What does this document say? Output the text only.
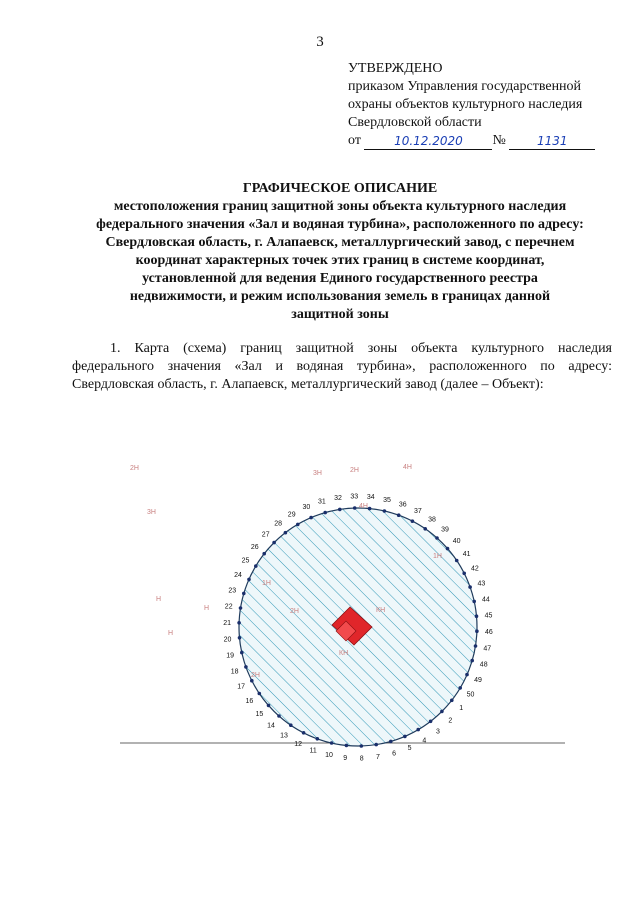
3
УТВЕРЖДЕНО
приказом Управления государственной
охраны объектов культурного наследия
Свердловской области
от
	10.12.2020	№
	1131
ГРАФИЧЕСКОЕ ОПИСАНИЕ
местоположения границ защитной зоны объекта культурного наследия
федерального значения «Зал и водяная турбина», расположенного по адресу:
Свердловская область, г. Алапаевск, металлургический завод, с перечнем
координат характерных точек этих границ в системе координат,
установленной для ведения Единого государственного реестра
недвижимости, и режим использования земель в границах данной
защитной зоны
1. Карта (схема) границ защитной зоны объекта культурного наследия федерального значения «Зал и водяная турбина», расположенного по адресу: Свердловская область, г. Алапаевск, металлургический завод (далее – Объект):
2Н
3Н	2Н	4Н
3Н
Н
Н
Н
2Н	КН
КН
4Н
1Н
2Н
1Н
1
2
3
4
5
6
7
8
9
10
11
12
13
14
15
16
17
18
19
20
21
22
23
24
25
26
27
28
29
30
31
32 33 34 35
36
37
38
39
40
41
42
43
44
45
46
47
48
49
50
